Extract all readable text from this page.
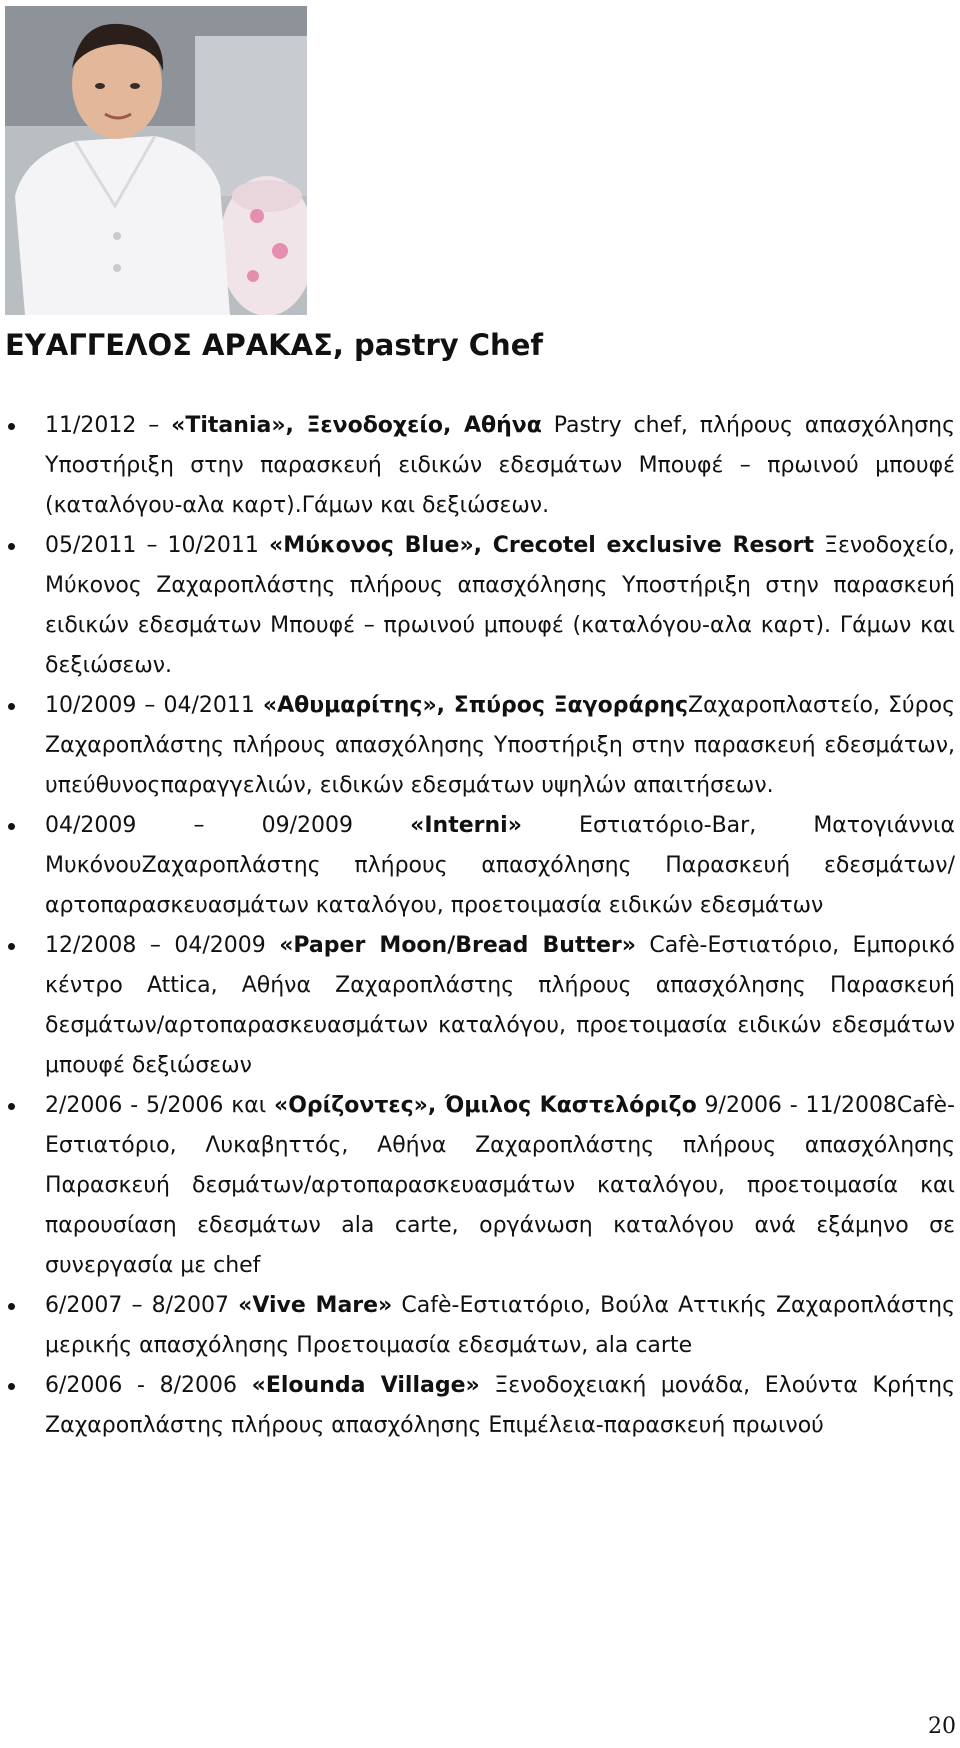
ΕΥΑΓΓΕΛΟΣ ΑΡΑΚΑΣ, pastry Chef
11/2012 – «Titania», Ξενοδοχείο, Αθήνα Pastry chef, πλήρους απασχόλησης Υποστήριξη στην παρασκευή ειδικών εδεσμάτων Μπουφέ – πρωινού μπουφέ (καταλόγου-αλα καρτ).Γάμων και δεξιώσεων.
05/2011 – 10/2011 «Μύκονος Blue», Crecotel exclusive Resort Ξενοδοχείο, Μύκονος Ζαχαροπλάστης πλήρους απασχόλησης Υποστήριξη στην παρασκευή ειδικών εδεσμάτων Μπουφέ – πρωινού μπουφέ (καταλόγου-αλα καρτ). Γάμων και δεξιώσεων.
10/2009 – 04/2011 «Αθυμαρίτης», Σπύρος ΞαγοράρηςΖαχαροπλαστείο, Σύρος Ζαχαροπλάστης πλήρους απασχόλησης Υποστήριξη στην παρασκευή εδεσμάτων, υπεύθυνοςπαραγγελιών, ειδικών εδεσμάτων υψηλών απαιτήσεων.
04/2009 – 09/2009 «Interni» Εστιατόριο-Bar, Ματογιάννια ΜυκόνουΖαχαροπλάστης πλήρους απασχόλησης Παρασκευή εδεσμάτων/αρτοπαρασκευασμάτων καταλόγου, προετοιμασία ειδικών εδεσμάτων
12/2008 – 04/2009 «Paper Moon/Bread Butter» Cafè-Εστιατόριο, Εμπορικό κέντρο Attica, Αθήνα Ζαχαροπλάστης πλήρους απασχόλησης Παρασκευή δεσμάτων/αρτοπαρασκευασμάτων καταλόγου, προετοιμασία ειδικών εδεσμάτων μπουφέ δεξιώσεων
2/2006 - 5/2006 και «Ορίζοντες», Όμιλος Καστελόριζο 9/2006 - 11/2008Cafè-Εστιατόριο, Λυκαβηττός, Αθήνα Ζαχαροπλάστης πλήρους απασχόλησης Παρασκευή δεσμάτων/αρτοπαρασκευασμάτων καταλόγου, προετοιμασία και παρουσίαση εδεσμάτων ala carte, οργάνωση καταλόγου ανά εξάμηνο σε συνεργασία με chef
6/2007 – 8/2007 «Vive Mare» Cafè-Εστιατόριο, Βούλα Αττικής Ζαχαροπλάστης μερικής απασχόλησης Προετοιμασία εδεσμάτων, ala carte
6/2006 - 8/2006 «Elounda Village» Ξενοδοχειακή μονάδα, Ελούντα Κρήτης Ζαχαροπλάστης πλήρους απασχόλησης Επιμέλεια-παρασκευή πρωινού
20
